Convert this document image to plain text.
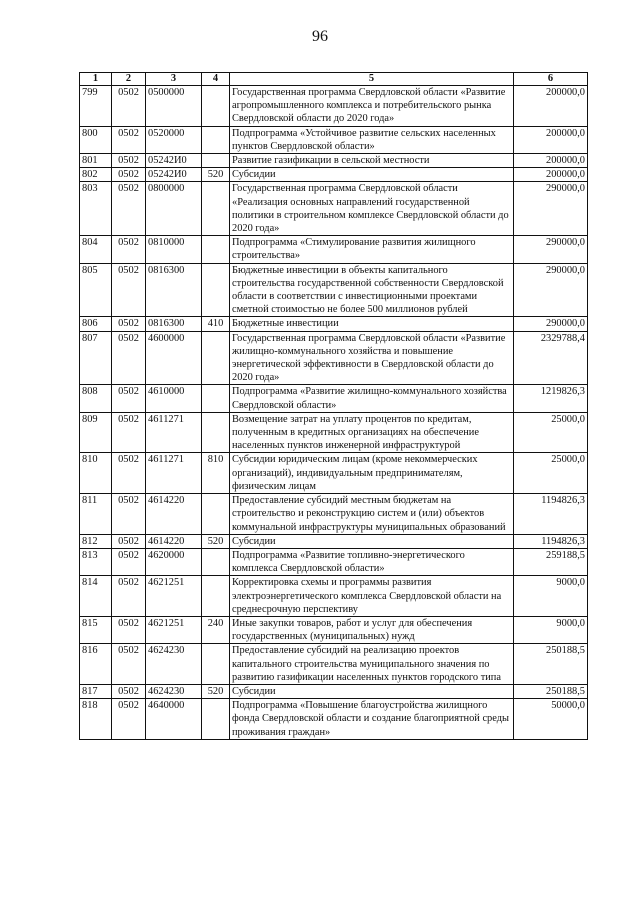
96
1	2	3	4	5	6
799	0502	0500000		Государственная программа Свердловской области «Развитие агропромышленного комплекса и потребительского рынка Свердловской области до 2020 года»	200000,0
800	0502	0520000		Подпрограмма «Устойчивое развитие сельских населенных пунктов Свердловской области»	200000,0
801	0502	05242И0		Развитие газификации в сельской местности	200000,0
802	0502	05242И0	520	Субсидии	200000,0
803	0502	0800000		Государственная программа Свердловской области «Реализация основных направлений государственной политики в строительном комплексе Свердловской области до 2020 года»	290000,0
804	0502	0810000		Подпрограмма «Стимулирование развития жилищного строительства»	290000,0
805	0502	0816300		Бюджетные инвестиции в объекты капитального строительства государственной собственности Свердловской области в соответствии с инвестиционными проектами сметной стоимостью не более 500 миллионов рублей	290000,0
806	0502	0816300	410	Бюджетные инвестиции	290000,0
807	0502	4600000		Государственная программа Свердловской области «Развитие жилищно-коммунального хозяйства и повышение энергетической эффективности в Свердловской области до 2020 года»	2329788,4
808	0502	4610000		Подпрограмма «Развитие жилищно-коммунального хозяйства Свердловской области»	1219826,3
809	0502	4611271		Возмещение затрат на уплату процентов по кредитам, полученным в кредитных организациях на обеспечение населенных пунктов инженерной инфраструктурой	25000,0
810	0502	4611271	810	Субсидии юридическим лицам (кроме некоммерческих организаций), индивидуальным предпринимателям, физическим лицам	25000,0
811	0502	4614220		Предоставление субсидий местным бюджетам на строительство и реконструкцию систем и (или) объектов коммунальной инфраструктуры муниципальных образований	1194826,3
812	0502	4614220	520	Субсидии	1194826,3
813	0502	4620000		Подпрограмма «Развитие топливно-энергетического комплекса Свердловской области»	259188,5
814	0502	4621251		Корректировка схемы и программы развития электроэнергетического комплекса Свердловской области на среднесрочную перспективу	9000,0
815	0502	4621251	240	Иные закупки товаров, работ и услуг для обеспечения государственных (муниципальных) нужд	9000,0
816	0502	4624230		Предоставление субсидий на реализацию проектов капитального строительства муниципального значения по развитию газификации населенных пунктов городского типа	250188,5
817	0502	4624230	520	Субсидии	250188,5
818	0502	4640000		Подпрограмма «Повышение благоустройства жилищного фонда Свердловской области и создание благоприятной среды проживания граждан»	50000,0
